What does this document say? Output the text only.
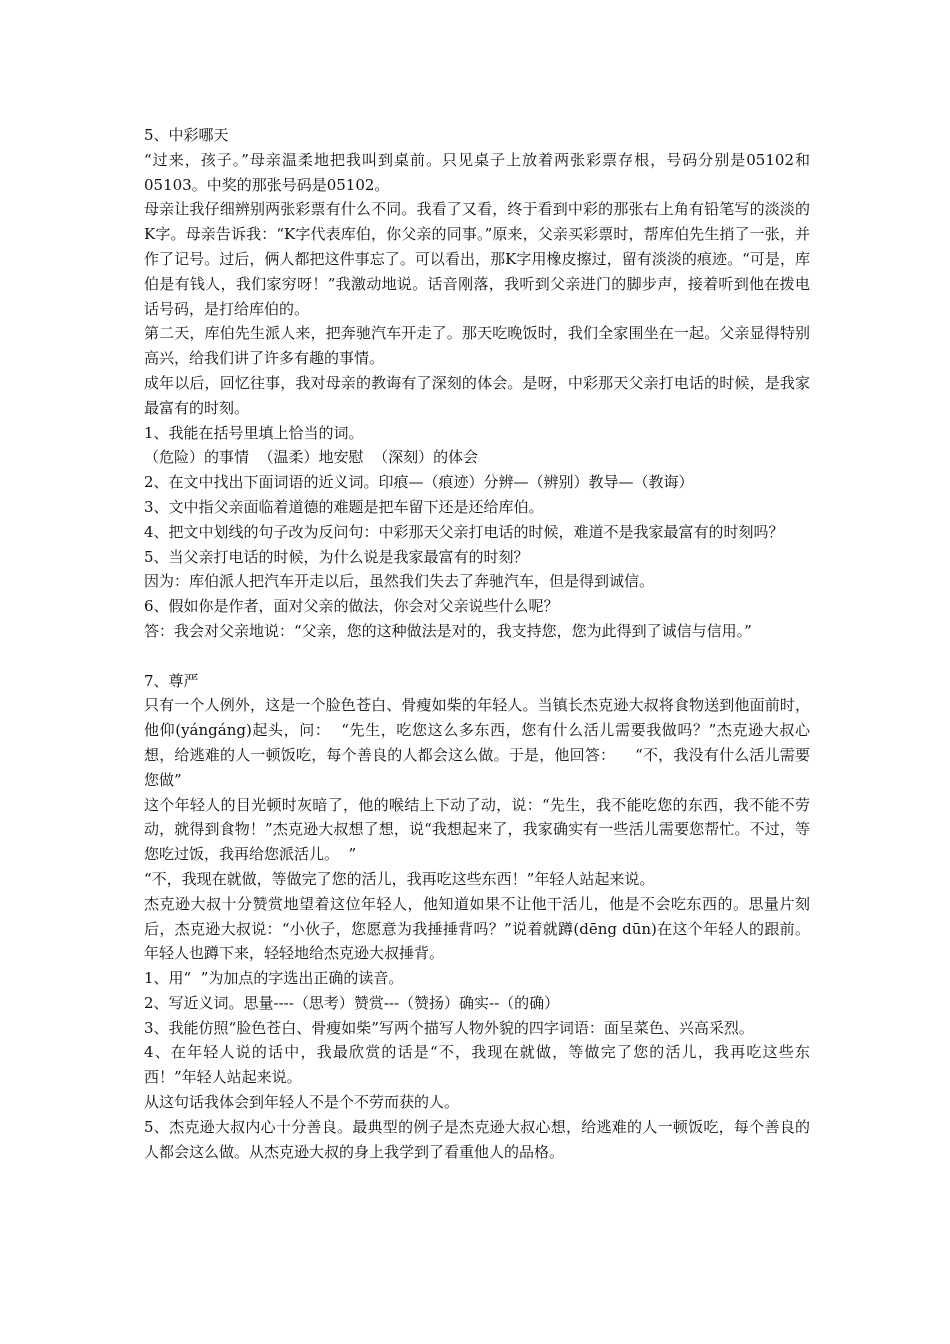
5、中彩哪天

“过来，孩子。”母亲温柔地把我叫到桌前。只见桌子上放着两张彩票存根，号码分别是05102和05103。中奖的那张号码是05102。

母亲让我仔细辨别两张彩票有什么不同。我看了又看，终于看到中彩的那张右上角有铅笔写的淡淡的K字。母亲告诉我：“K字代表库伯，你父亲的同事。”原来，父亲买彩票时，帮库伯先生捎了一张，并作了记号。过后，俩人都把这件事忘了。可以看出，那K字用橡皮擦过，留有淡淡的痕迹。“可是，库伯是有钱人，我们家穷呀！”我激动地说。话音刚落，我听到父亲进门的脚步声，接着听到他在拨电话号码，是打给库伯的。

第二天，库伯先生派人来，把奔驰汽车开走了。那天吃晚饭时，我们全家围坐在一起。父亲显得特别高兴，给我们讲了许多有趣的事情。

成年以后，回忆往事，我对母亲的教诲有了深刻的体会。是呀，中彩那天父亲打电话的时候，是我家最富有的时刻。

1、我能在括号里填上恰当的词。

（危险）的事情  （温柔）地安慰  （深刻）的体会

2、在文中找出下面词语的近义词。印痕—（痕迹）分辨—（辨别）教导—（教诲）

3、文中指父亲面临着道德的难题是把车留下还是还给库伯。

4、把文中划线的句子改为反问句：中彩那天父亲打电话的时候，难道不是我家最富有的时刻吗？

5、当父亲打电话的时候，为什么说是我家最富有的时刻？

因为：库伯派人把汽车开走以后，虽然我们失去了奔驰汽车，但是得到诚信。

6、假如你是作者，面对父亲的做法，你会对父亲说些什么呢？

答：我会对父亲地说：“父亲，您的这种做法是对的，我支持您，您为此得到了诚信与信用。”

7、尊严

只有一个人例外，这是一个脸色苍白、骨瘦如柴的年轻人。当镇长杰克逊大叔将食物送到他面前时，他仰(yángáng)起头，问：  “先生，吃您这么多东西，您有什么活儿需要我做吗？”杰克逊大叔心想，给逃难的人一顿饭吃，每个善良的人都会这么做。于是，他回答：    “不，我没有什么活儿需要您做”

这个年轻人的目光顿时灰暗了，他的喉结上下动了动，说：“先生，我不能吃您的东西，我不能不劳动，就得到食物！”杰克逊大叔想了想，说“我想起来了，我家确实有一些活儿需要您帮忙。不过，等您吃过饭，我再给您派活儿。  ”

“不，我现在就做，等做完了您的活儿，我再吃这些东西！”年轻人站起来说。

杰克逊大叔十分赞赏地望着这位年轻人，他知道如果不让他干活儿，他是不会吃东西的。思量片刻后，杰克逊大叔说：“小伙子，您愿意为我捶捶背吗？”说着就蹲(dēng dūn)在这个年轻人的跟前。年轻人也蹲下来，轻轻地给杰克逊大叔捶背。

1、用“  ”为加点的字选出正确的读音。

2、写近义词。思量----（思考）赞赏---（赞扬）确实--（的确）

3、我能仿照“脸色苍白、骨瘦如柴”写两个描写人物外貌的四字词语：面呈菜色、兴高采烈。

4、在年轻人说的话中，我最欣赏的话是“不，我现在就做，等做完了您的活儿，我再吃这些东西！”年轻人站起来说。

从这句话我体会到年轻人不是个不劳而获的人。

5、杰克逊大叔内心十分善良。最典型的例子是杰克逊大叔心想，给逃难的人一顿饭吃，每个善良的人都会这么做。从杰克逊大叔的身上我学到了看重他人的品格。
